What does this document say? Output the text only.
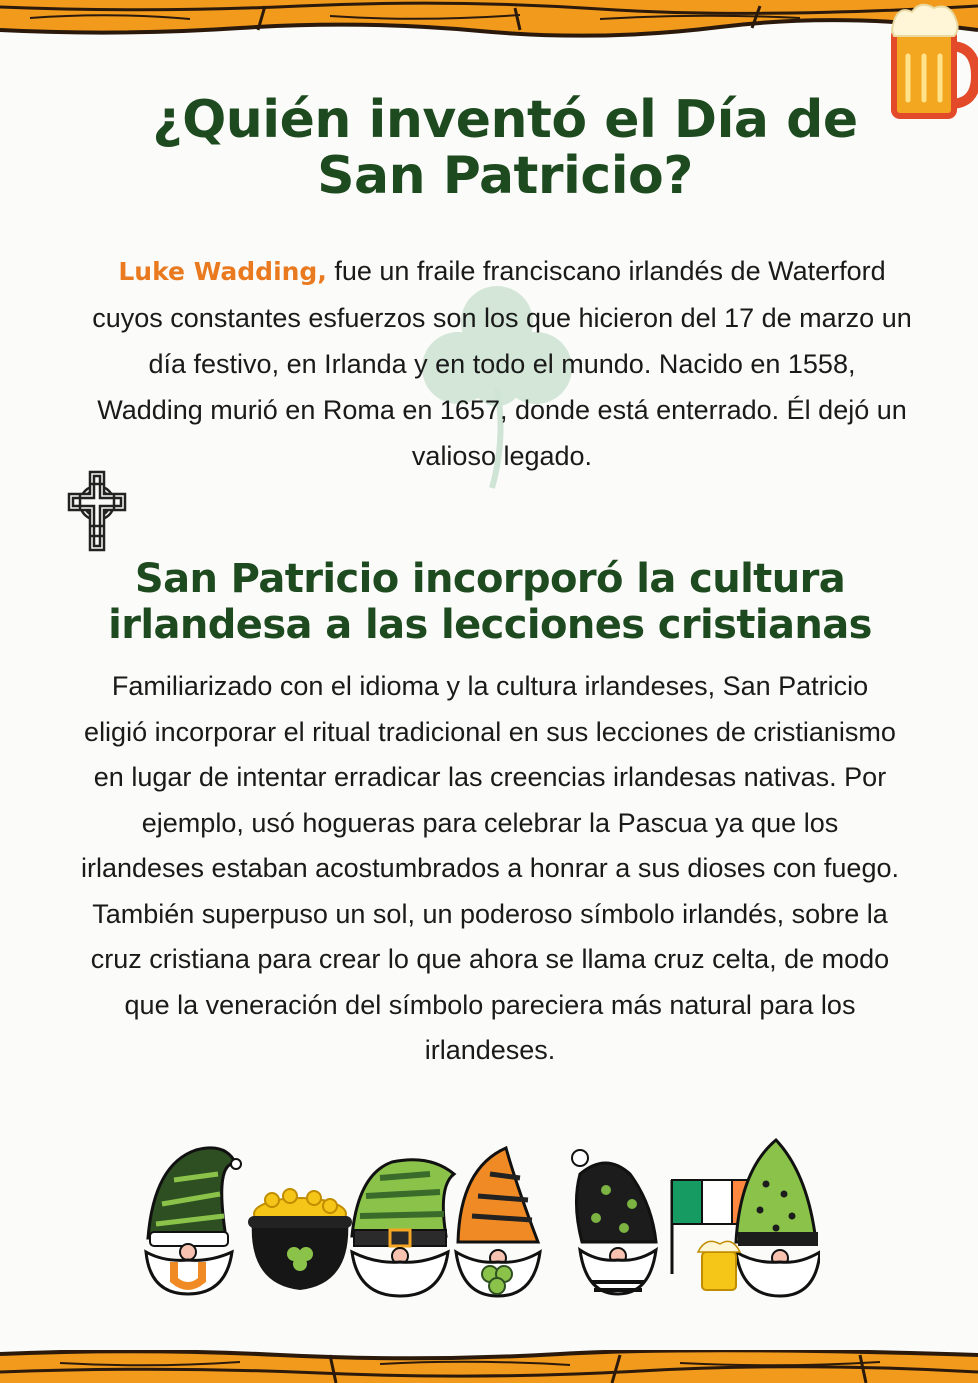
¿Quién inventó el Día de San Patricio?

Luke Wadding, fue un fraile franciscano irlandés de Waterford cuyos constantes esfuerzos son los que hicieron del 17 de marzo un día festivo, en Irlanda y en todo el mundo. Nacido en 1558, Wadding murió en Roma en 1657, donde está enterrado. Él dejó un valioso legado.

San Patricio incorporó la cultura irlandesa a las lecciones cristianas

Familiarizado con el idioma y la cultura irlandeses, San Patricio eligió incorporar el ritual tradicional en sus lecciones de cristianismo en lugar de intentar erradicar las creencias irlandesas nativas. Por ejemplo, usó hogueras para celebrar la Pascua ya que los irlandeses estaban acostumbrados a honrar a sus dioses con fuego. También superpuso un sol, un poderoso símbolo irlandés, sobre la cruz cristiana para crear lo que ahora se llama cruz celta, de modo que la veneración del símbolo pareciera más natural para los irlandeses.
